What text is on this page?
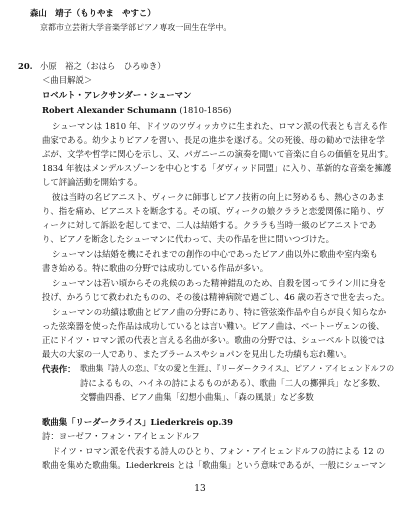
森山　靖子（もりやま　やすこ）
京都市立芸術大学音楽学部ピアノ専攻一回生在学中。
20. 小原　裕之（おはら　ひろゆき）
＜曲目解説＞
ロベルト・アレクサンダー・シューマン
Robert Alexander Schumann (1810-1856)
シューマンは 1810 年、ドイツのツヴィッカウに生まれた、ロマン派の代表とも言える作
曲家である。幼少よりピアノを習い、長足の進歩を遂げる。父の死後、母の勧めで法律を学
ぶが、文学や哲学に関心を示し、又、パガニーニの演奏を聞いて音楽に自らの価値を見出す。
1834 年彼はメンデルスゾーンを中心とする「ダヴィッド同盟」に入り、革新的な音楽を擁護
して評論活動を開始する。
彼は当時の名ピアニスト、ヴィークに師事しピアノ技術の向上に努めるも、熱心さのあま
り、指を痛め、ピアニストを断念する。その頃、ヴィークの娘クララと恋愛関係に陥り、ヴ
ィークに対して訴訟を起してまで、二人は結婚する。クララも当時一級のピアニストであ
り、ピアノを断念したシューマンに代わって、夫の作品を世に問いつづけた。
シューマンは結婚を機にそれまでの創作の中心であったピアノ曲以外に歌曲や室内楽も
書き始める。特に歌曲の分野では成功している作品が多い。
シューマンは若い頃からその兆候のあった精神錯乱のため、自殺を図ってライン川に身を
投げ、かろうじて救われたものの、その後は精神病院で過ごし、46 歳の若さで世を去った。
シューマンの功績は歌曲とピアノ曲の分野にあり、特に管弦楽作品や自らが良く知らなか
った弦楽器を使った作品は成功しているとは言い難い。ピアノ曲は、ベートーヴェンの後、
正にドイツ・ロマン派の代表と言える名曲が多い。歌曲の分野では、シューベルト以後では
最大の大家の一人であり、またブラームスやショパンを見出した功績も忘れ難い。
代表作： 歌曲集『詩人の恋』、『女の愛と生涯』、『リーダークライス』、ピアノ・アイヒェンドルフの
詩によるもの、ハイネの詩によるものがある）、歌曲「二人の擲弾兵」など多数、
交響曲四番、ピアノ曲集「幻想小曲集」、「森の風景」など多数
歌曲集「リーダークライス」Liederkreis op.39
詩：ヨーゼフ・フォン・アイヒェンドルフ
ドイツ・ロマン派を代表する詩人のひとり、フォン・アイヒェンドルフの詩による 12 の
歌曲を集めた歌曲集。Liederkreis とは「歌曲集」という意味であるが、一般にシューマン
13
